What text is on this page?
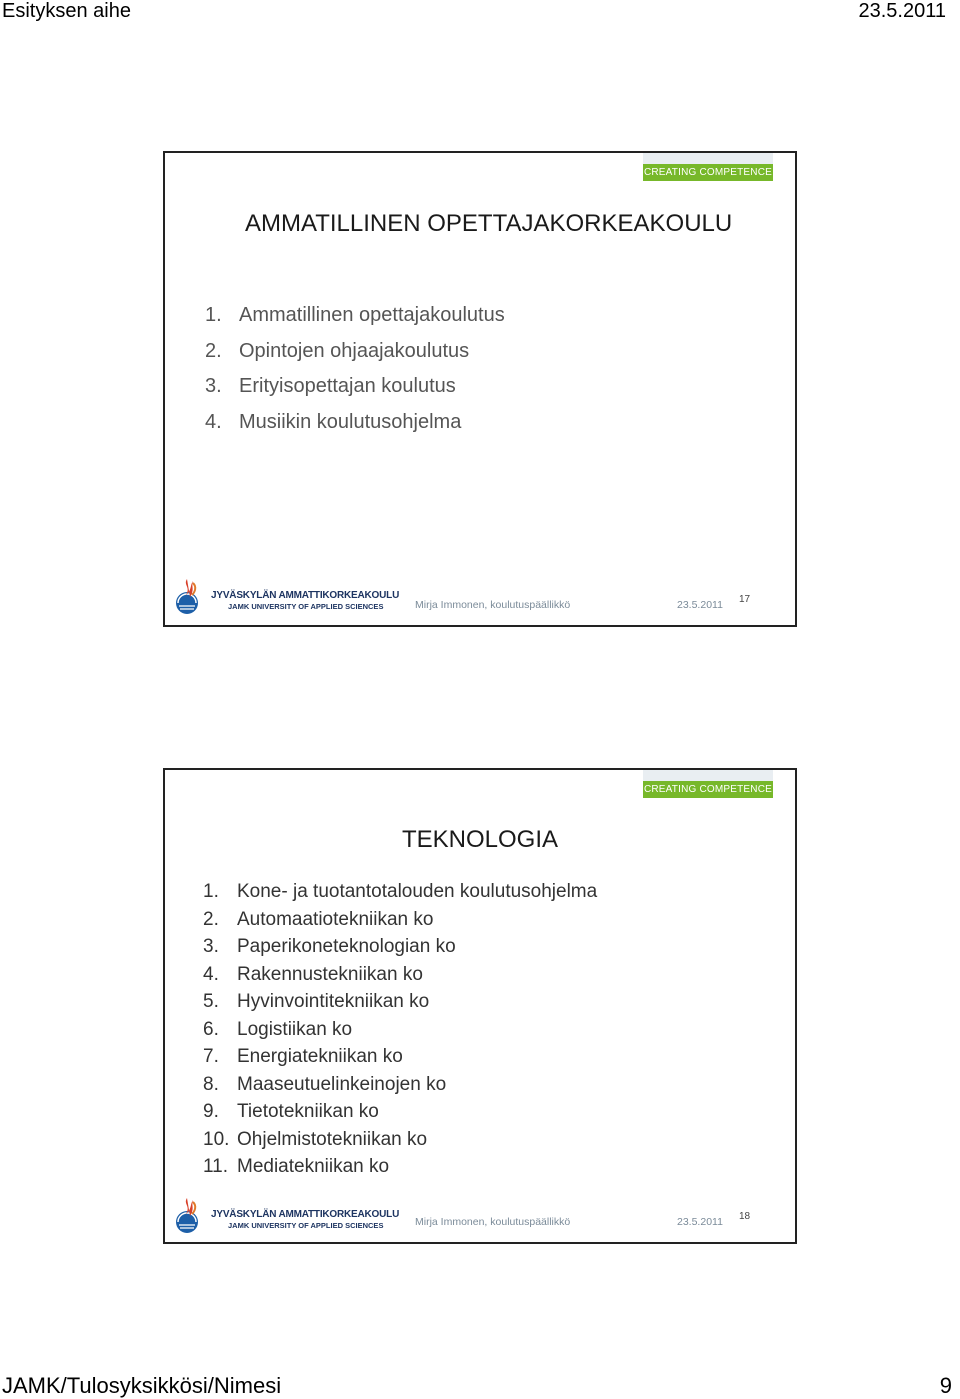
Esityksen aihe	23.5.2011
CREATING COMPETENCE
AMMATILLINEN OPETTAJAKORKEAKOULU
1. Ammatillinen opettajakoulutus
2. Opintojen ohjaajakoulutus
3. Erityisopettajan koulutus
4. Musiikin koulutusohjelma
JYVÄSKYLÄN AMMATTIKORKEAKOULU
JAMK UNIVERSITY OF APPLIED SCIENCES	Mirja Immonen, koulutuspäällikkö	23.5.2011 17
CREATING COMPETENCE
TEKNOLOGIA
1. Kone- ja tuotantotalouden koulutusohjelma
2. Automaatiotekniikan ko
3. Paperikoneteknologian ko
4. Rakennustekniikan ko
5. Hyvinvointitekniikan ko
6. Logistiikan ko
7. Energiatekniikan ko
8. Maaseutuelinkeinojen ko
9. Tietotekniikan ko
10. Ohjelmistotekniikan ko
11. Mediatekniikan ko
JYVÄSKYLÄN AMMATTIKORKEAKOULU
JAMK UNIVERSITY OF APPLIED SCIENCES	Mirja Immonen, koulutuspäällikkö	23.5.2011 18
JAMK/Tulosyksikkösi/Nimesi	9
